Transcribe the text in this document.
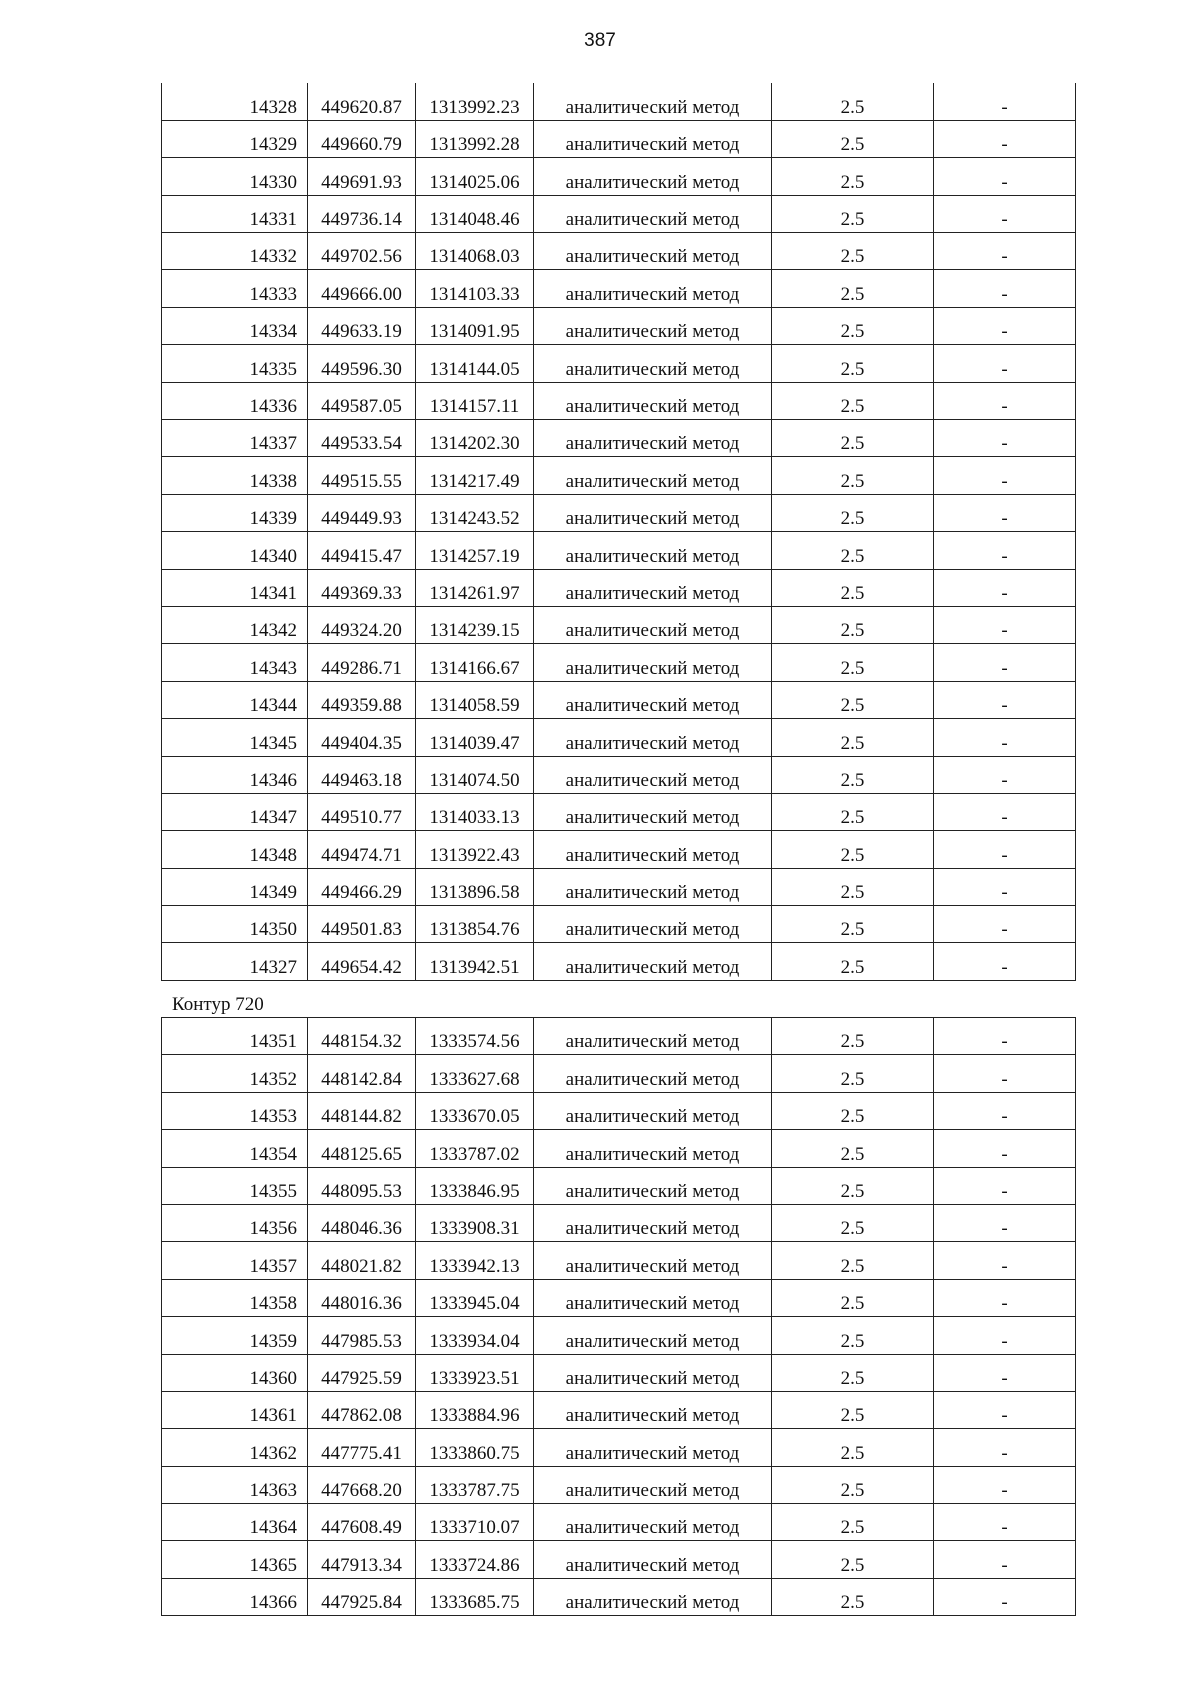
387
14328	449620.87	1313992.23	аналитический метод	2.5	-
14329	449660.79	1313992.28	аналитический метод	2.5	-
14330	449691.93	1314025.06	аналитический метод	2.5	-
14331	449736.14	1314048.46	аналитический метод	2.5	-
14332	449702.56	1314068.03	аналитический метод	2.5	-
14333	449666.00	1314103.33	аналитический метод	2.5	-
14334	449633.19	1314091.95	аналитический метод	2.5	-
14335	449596.30	1314144.05	аналитический метод	2.5	-
14336	449587.05	1314157.11	аналитический метод	2.5	-
14337	449533.54	1314202.30	аналитический метод	2.5	-
14338	449515.55	1314217.49	аналитический метод	2.5	-
14339	449449.93	1314243.52	аналитический метод	2.5	-
14340	449415.47	1314257.19	аналитический метод	2.5	-
14341	449369.33	1314261.97	аналитический метод	2.5	-
14342	449324.20	1314239.15	аналитический метод	2.5	-
14343	449286.71	1314166.67	аналитический метод	2.5	-
14344	449359.88	1314058.59	аналитический метод	2.5	-
14345	449404.35	1314039.47	аналитический метод	2.5	-
14346	449463.18	1314074.50	аналитический метод	2.5	-
14347	449510.77	1314033.13	аналитический метод	2.5	-
14348	449474.71	1313922.43	аналитический метод	2.5	-
14349	449466.29	1313896.58	аналитический метод	2.5	-
14350	449501.83	1313854.76	аналитический метод	2.5	-
14327	449654.42	1313942.51	аналитический метод	2.5	-
Контур 720
14351	448154.32	1333574.56	аналитический метод	2.5	-
14352	448142.84	1333627.68	аналитический метод	2.5	-
14353	448144.82	1333670.05	аналитический метод	2.5	-
14354	448125.65	1333787.02	аналитический метод	2.5	-
14355	448095.53	1333846.95	аналитический метод	2.5	-
14356	448046.36	1333908.31	аналитический метод	2.5	-
14357	448021.82	1333942.13	аналитический метод	2.5	-
14358	448016.36	1333945.04	аналитический метод	2.5	-
14359	447985.53	1333934.04	аналитический метод	2.5	-
14360	447925.59	1333923.51	аналитический метод	2.5	-
14361	447862.08	1333884.96	аналитический метод	2.5	-
14362	447775.41	1333860.75	аналитический метод	2.5	-
14363	447668.20	1333787.75	аналитический метод	2.5	-
14364	447608.49	1333710.07	аналитический метод	2.5	-
14365	447913.34	1333724.86	аналитический метод	2.5	-
14366	447925.84	1333685.75	аналитический метод	2.5	-
